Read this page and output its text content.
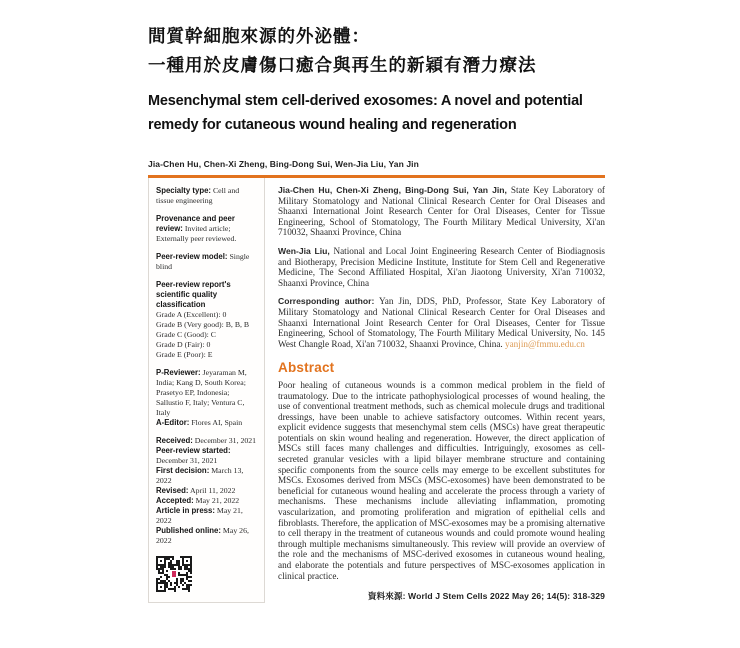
間質幹細胞來源的外泌體：
一種用於皮膚傷口癒合與再生的新穎有潛力療法
Mesenchymal stem cell-derived exosomes: A novel and potential remedy for cutaneous wound healing and regeneration
Jia-Chen Hu, Chen-Xi Zheng, Bing-Dong Sui, Wen-Jia Liu, Yan Jin
Specialty type: Cell and tissue engineering
Provenance and peer review: Invited article; Externally peer reviewed.
Peer-review model: Single blind
Peer-review report's scientific quality classification
Grade A (Excellent): 0
Grade B (Very good): B, B, B
Grade C (Good): C
Grade D (Fair): 0
Grade E (Poor): E
P-Reviewer: Jeyaraman M, India; Kang D, South Korea; Prasetyo EP, Indonesia; Sallustio F, Italy; Ventura C, Italy
A-Editor: Flores AI, Spain
Received: December 31, 2021
Peer-review started: December 31, 2021
First decision: March 13, 2022
Revised: April 11, 2022
Accepted: May 21, 2022
Article in press: May 21, 2022
Published online: May 26, 2022

Jia-Chen Hu, Chen-Xi Zheng, Bing-Dong Sui, Yan Jin, State Key Laboratory of Military Stomatology and National Clinical Research Center for Oral Diseases and Shaanxi International Joint Research Center for Oral Diseases, Center for Tissue Engineering, School of Stomatology, The Fourth Military Medical University, Xi'an 710032, Shaanxi Province, China

Wen-Jia Liu, National and Local Joint Engineering Research Center of Biodiagnosis and Biotherapy, Precision Medicine Institute, Institute for Stem Cell and Regenerative Medicine, The Second Affiliated Hospital, Xi'an Jiaotong University, Xi'an 710032, Shaanxi Province, China

Corresponding author: Yan Jin, DDS, PhD, Professor, State Key Laboratory of Military Stomatology and National Clinical Research Center for Oral Diseases and Shaanxi International Joint Research Center for Oral Diseases, Center for Tissue Engineering, School of Stomatology, The Fourth Military Medical University, No. 145 West Changle Road, Xi'an 710032, Shaanxi Province, China. yanjin@fmmu.edu.cn

Abstract

Poor healing of cutaneous wounds is a common medical problem in the field of traumatology. Due to the intricate pathophysiological processes of wound healing, the use of conventional treatment methods, such as chemical molecule drugs and traditional dressings, have been unable to achieve satisfactory outcomes. Within recent years, explicit evidence suggests that mesenchymal stem cells (MSCs) have great therapeutic potentials on skin wound healing and regeneration. However, the direct application of MSCs still faces many challenges and difficulties. Intriguingly, exosomes as cell-secreted granular vesicles with a lipid bilayer membrane structure and containing specific components from the source cells may emerge to be excellent substitutes for MSCs. Exosomes derived from MSCs (MSC-exosomes) have been demonstrated to be beneficial for cutaneous wound healing and accelerate the process through a variety of mechanisms. These mechanisms include alleviating inflammation, promoting vascularization, and promoting proliferation and migration of epithelial cells and fibroblasts. Therefore, the application of MSC-exosomes may be a promising alternative to cell therapy in the treatment of cutaneous wounds and could promote wound healing through multiple mechanisms simultaneously. This review will provide an overview of the role and the mechanisms of MSC-derived exosomes in cutaneous wound healing, and elaborate the potentials and future perspectives of MSC-exosomes application in clinical practice.

資料來源: World J Stem Cells 2022 May 26; 14(5): 318-329
